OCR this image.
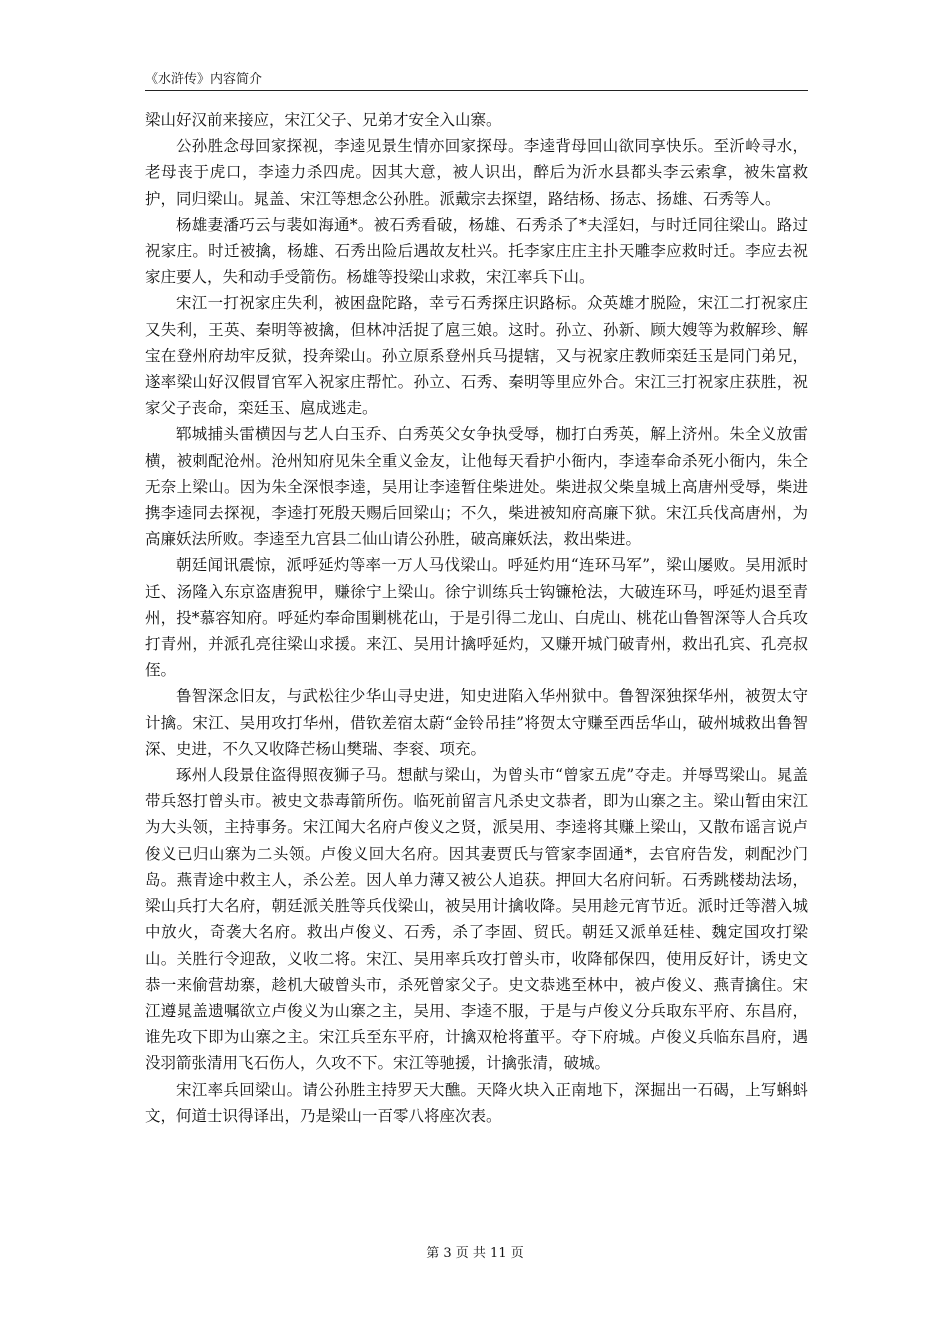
《水浒传》内容简介

梁山好汉前来接应，宋江父子、兄弟才安全入山寨。

公孙胜念母回家探视，李逵见景生情亦回家探母。李逵背母回山欲同享快乐。至沂岭寻水，老母丧于虎口，李逵力杀四虎。因其大意，被人识出，醉后为沂水县都头李云索拿，被朱富救护，同归梁山。晁盖、宋江等想念公孙胜。派戴宗去探望，路结杨、扬志、扬雄、石秀等人。

杨雄妻潘巧云与裴如海通*。被石秀看破，杨雄、石秀杀了*夫淫妇，与时迁同往梁山。路过祝家庄。时迁被擒，杨雄、石秀出险后遇故友杜兴。托李家庄庄主扑天雕李应救时迁。李应去祝家庄要人，失和动手受箭伤。杨雄等投梁山求救，宋江率兵下山。

宋江一打祝家庄失利，被困盘陀路，幸亏石秀探庄识路标。众英雄才脱险，宋江二打祝家庄又失利，王英、秦明等被擒，但林冲活捉了扈三娘。这时。孙立、孙新、顾大嫂等为救解珍、解宝在登州府劫牢反狱，投奔梁山。孙立原系登州兵马提辖，又与祝家庄教师栾廷玉是同门弟兄，遂率梁山好汉假冒官军入祝家庄帮忙。孙立、石秀、秦明等里应外合。宋江三打祝家庄获胜，祝家父子丧命，栾廷玉、扈成逃走。

郓城捕头雷横因与艺人白玉乔、白秀英父女争执受辱，枷打白秀英，解上济州。朱全义放雷横，被刺配沧州。沧州知府见朱全重义金友，让他每天看护小衙内，李逵奉命杀死小衙内，朱仝无奈上梁山。因为朱全深恨李逵，吴用让李逵暂住柴进处。柴进叔父柴皇城上高唐州受辱，柴进携李逵同去探视，李逵打死殷天赐后回梁山；不久，柴进被知府高廉下狱。宋江兵伐高唐州，为高廉妖法所败。李逵至九宫县二仙山请公孙胜，破高廉妖法，救出柴进。

朝廷闻讯震惊，派呼延灼等率一万人马伐梁山。呼延灼用“连环马军”，梁山屡败。吴用派时迁、汤隆入东京盗唐猊甲，赚徐宁上梁山。徐宁训练兵士钩镰枪法，大破连环马，呼延灼退至青州，投*慕容知府。呼延灼奉命围剿桃花山，于是引得二龙山、白虎山、桃花山鲁智深等人合兵攻打青州，并派孔亮往梁山求援。来江、吴用计擒呼延灼，又赚开城门破青州，救出孔宾、孔亮叔侄。

鲁智深念旧友，与武松往少华山寻史进，知史进陷入华州狱中。鲁智深独探华州，被贺太守计擒。宋江、吴用攻打华州，借钦差宿太蔚“金铃吊挂”将贺太守赚至西岳华山，破州城救出鲁智深、史进，不久又收降芒杨山樊瑞、李衮、项充。

琢州人段景住盗得照夜狮子马。想献与梁山，为曾头市“曾家五虎”夺走。并辱骂梁山。晁盖带兵怒打曾头市。被史文恭毒箭所伤。临死前留言凡杀史文恭者，即为山寨之主。梁山暂由宋江为大头领，主持事务。宋江闻大名府卢俊义之贤，派吴用、李逵将其赚上梁山，又散布谣言说卢俊义已归山寨为二头领。卢俊义回大名府。因其妻贾氏与管家李固通*，去官府告发，刺配沙门岛。燕青途中救主人，杀公差。因人单力薄又被公人追获。押回大名府问斩。石秀跳楼劫法场，梁山兵打大名府，朝廷派关胜等兵伐梁山，被吴用计擒收降。吴用趁元宵节近。派时迁等潜入城中放火，奇袭大名府。救出卢俊义、石秀，杀了李固、贸氏。朝廷又派单廷桂、魏定国攻打梁山。关胜行令迎敌，义收二将。宋江、吴用率兵攻打曾头市，收降郁保四，使用反好计，诱史文恭一来偷营劫寨，趁机大破曾头市，杀死曾家父子。史文恭逃至林中，被卢俊义、燕青擒住。宋江遵晁盖遗嘱欲立卢俊义为山寨之主，吴用、李逵不服，于是与卢俊义分兵取东平府、东昌府，谁先攻下即为山寨之主。宋江兵至东平府，计擒双枪将董平。夺下府城。卢俊义兵临东昌府，遇没羽箭张清用飞石伤人，久攻不下。宋江等驰援，计擒张清，破城。

宋江率兵回梁山。请公孙胜主持罗天大醮。天降火块入正南地下，深掘出一石碣，上写蝌蚪文，何道士识得译出，乃是梁山一百零八将座次表。

第 3 页 共 11 页
